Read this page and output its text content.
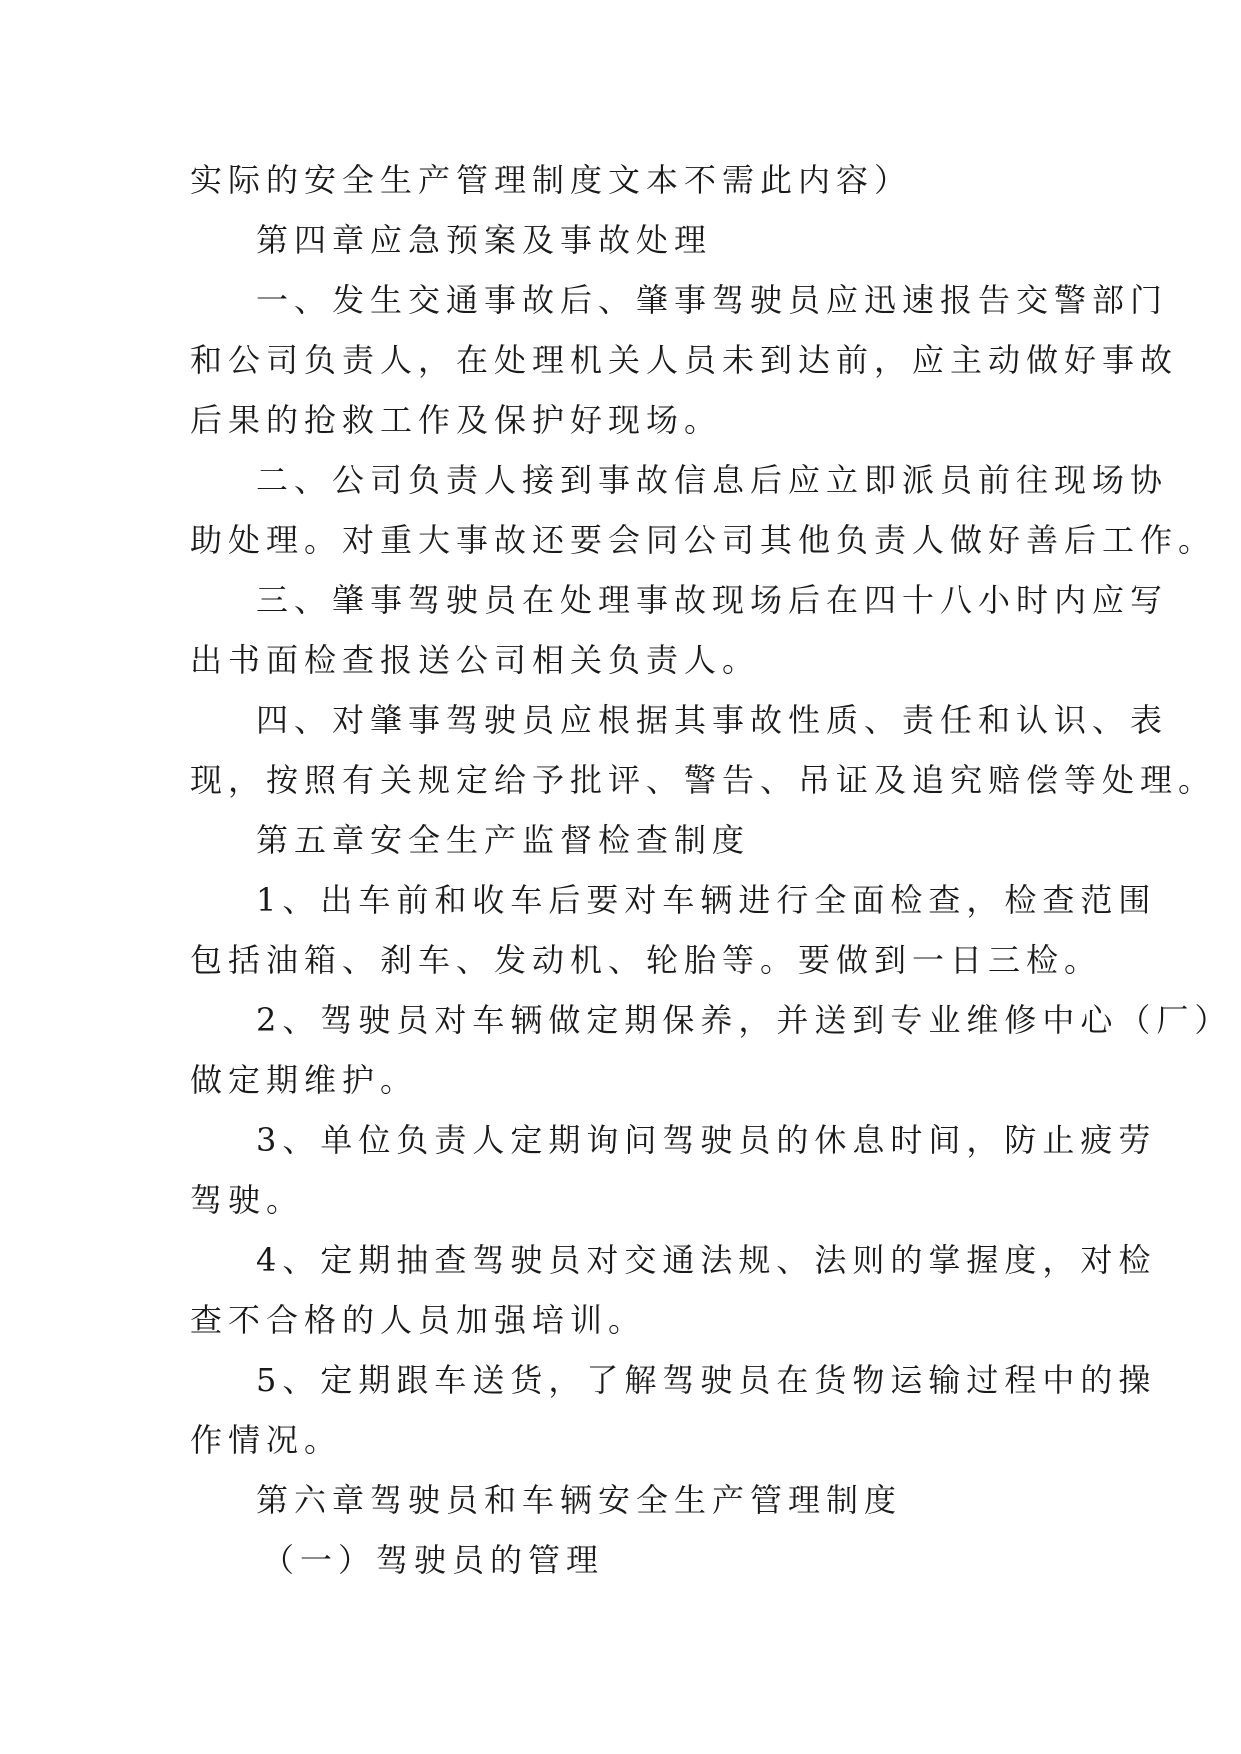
实际的安全生产管理制度文本不需此内容）
第四章应急预案及事故处理
一、发生交通事故后、肇事驾驶员应迅速报告交警部门
和公司负责人，在处理机关人员未到达前，应主动做好事故
后果的抢救工作及保护好现场。
二、公司负责人接到事故信息后应立即派员前往现场协
助处理。对重大事故还要会同公司其他负责人做好善后工作。
三、肇事驾驶员在处理事故现场后在四十八小时内应写
出书面检查报送公司相关负责人。
四、对肇事驾驶员应根据其事故性质、责任和认识、表
现，按照有关规定给予批评、警告、吊证及追究赔偿等处理。
第五章安全生产监督检查制度
1、出车前和收车后要对车辆进行全面检查，检查范围
包括油箱、刹车、发动机、轮胎等。要做到一日三检。
2、驾驶员对车辆做定期保养，并送到专业维修中心（厂）
做定期维护。
3、单位负责人定期询问驾驶员的休息时间，防止疲劳
驾驶。
4、定期抽查驾驶员对交通法规、法则的掌握度，对检
查不合格的人员加强培训。
5、定期跟车送货，了解驾驶员在货物运输过程中的操
作情况。
第六章驾驶员和车辆安全生产管理制度
（一）驾驶员的管理
